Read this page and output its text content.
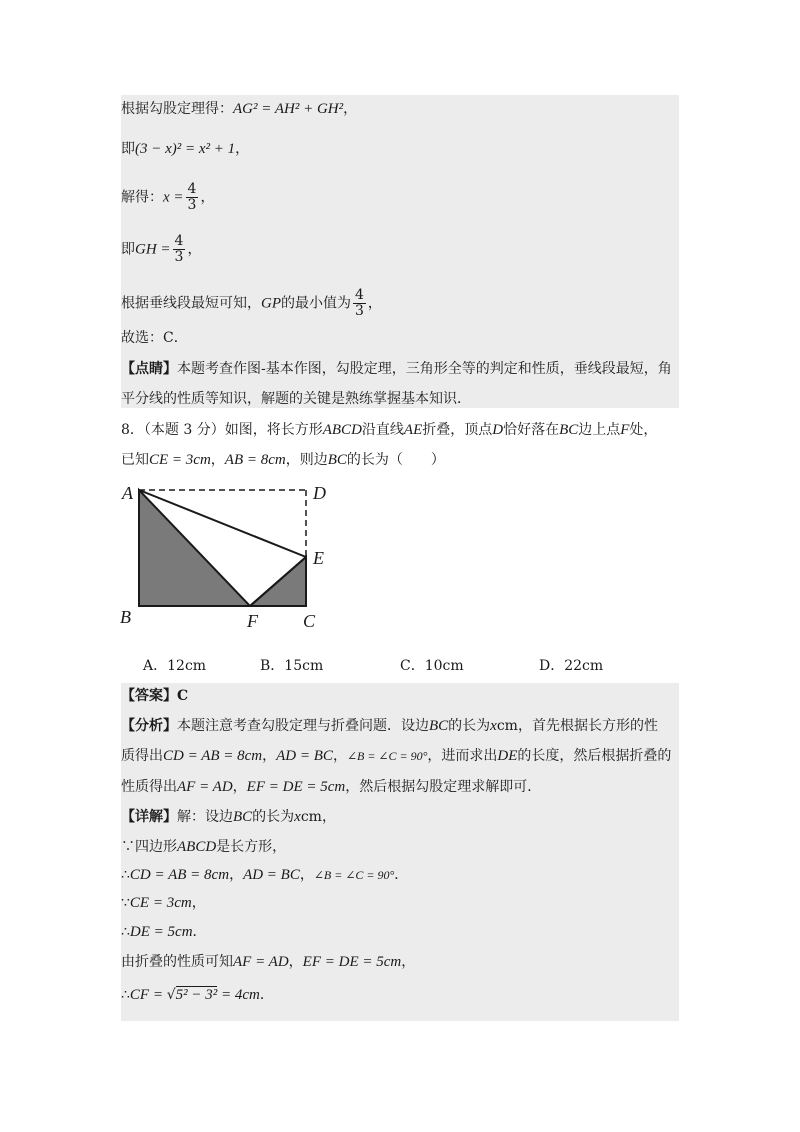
根据勾股定理得：AG² = AH² + GH²，
即(3 − x)² = x² + 1，
解得：$x = \frac{4}{3}$ ，
即GH = $\frac{4}{3}$ ，
根据垂线段最短可知，GP的最小值为 $\frac{4}{3}$ ，
故选：C．
【点睛】本题考查作图-基本作图，勾股定理，三角形全等的判定和性质，垂线段最短，角
平分线的性质等知识，解题的关键是熟练掌握基本知识．
8．（本题 3 分）如图，将长方形ABCD沿直线AE折叠，顶点D恰好落在BC边上点F处，
已知CE = 3cm，AB = 8cm，则边BC的长为（　　）
A	D
E
B	F	C
A．12cm	B．15cm	C．10cm	D．22cm
【答案】C
【分析】本题注意考查勾股定理与折叠问题．设边BC的长为xcm，首先根据长方形的性
质得出CD = AB = 8cm，AD = BC，∠B = ∠C = 90°，进而求出DE的长度，然后根据折叠的
性质得出AF = AD，EF = DE = 5cm，然后根据勾股定理求解即可．
【详解】解：设边BC的长为xcm，
∵四边形ABCD是长方形，
∴CD = AB = 8cm，AD = BC，∠B = ∠C = 90°．
∵CE = 3cm，
∴DE = 5cm．
由折叠的性质可知AF = AD，EF = DE = 5cm，
∴CF = √5² − 3² = 4cm．
